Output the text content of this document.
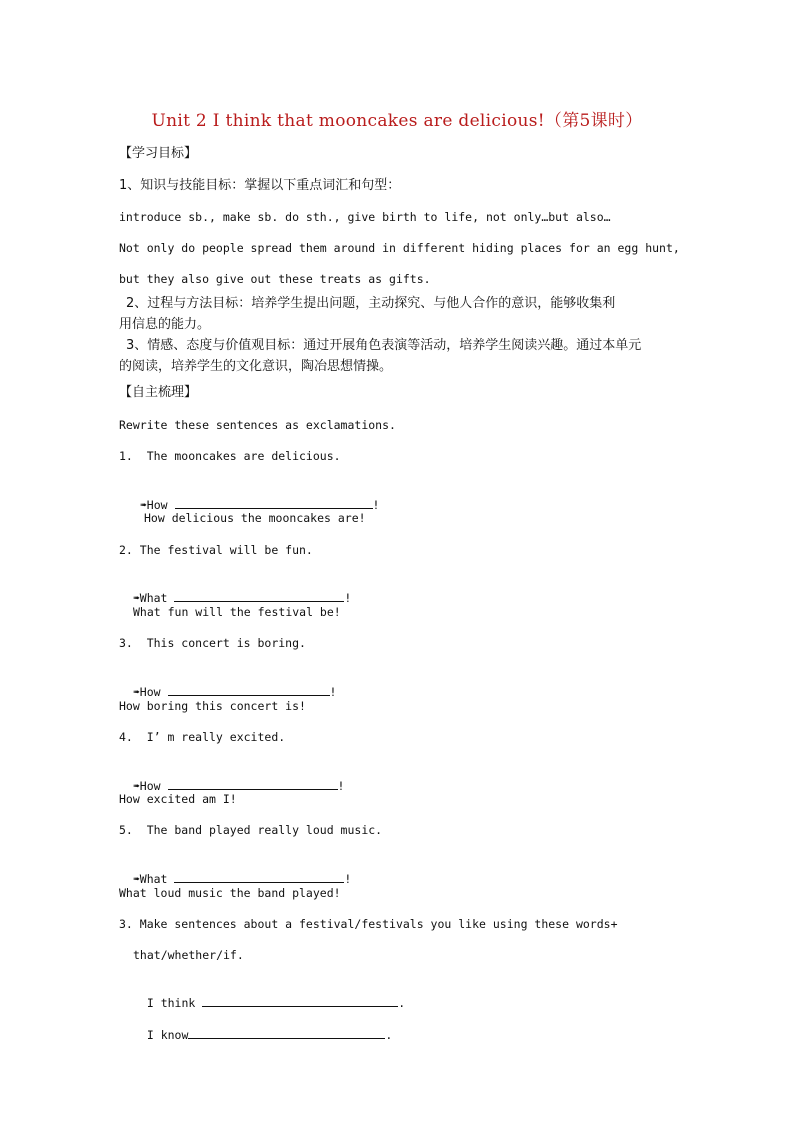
Unit 2 I think that mooncakes are delicious!（第5课时）
【学习目标】
1、知识与技能目标：掌握以下重点词汇和句型：
introduce sb., make sb. do sth., give birth to life, not only…but also…
Not only do people spread them around in different hiding places for an egg hunt,
but they also give out these treats as gifts.
2、过程与方法目标：培养学生提出问题，主动探究、与他人合作的意识，能够收集利
用信息的能力。
3、情感、态度与价值观目标：通过开展角色表演等活动，培养学生阅读兴趣。通过本单元
的阅读，培养学生的文化意识，陶冶思想情操。
【自主梳理】
Rewrite these sentences as exclamations.
1.  The mooncakes are delicious.

➠How	!

How delicious the mooncakes are!
2. The festival will be fun.

➠What	!

What fun will the festival be!
3.  This concert is boring.

➠How	!

How boring this concert is!
4.  I’ m really excited.

➠How	!

How excited am I!
5.  The band played really loud music.

➠What	!

What loud music the band played!
3. Make sentences about a festival/festivals you like using these words+
that/whether/if.

I think	.

I know	.
